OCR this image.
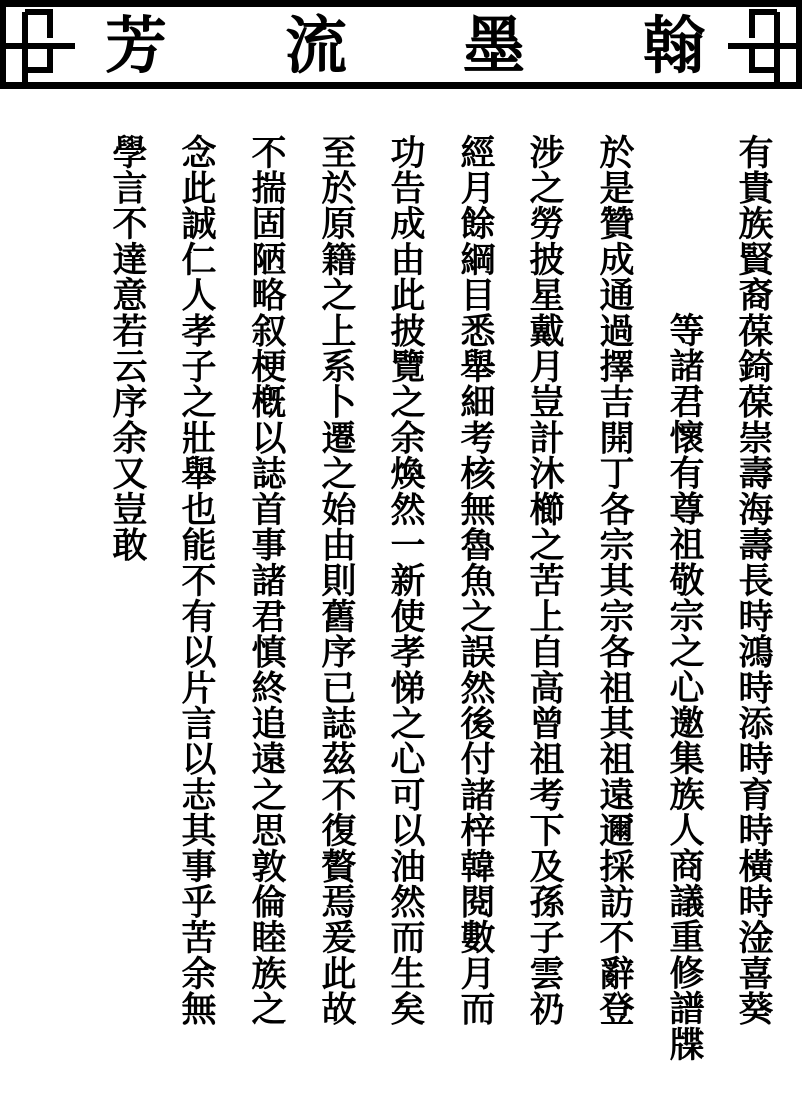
芳 流 墨 翰
有貴族賢裔葆錡葆崇壽海壽長時鴻時添時育時橫時淦喜葵
等諸君懷有尊祖敬宗之心邀集族人商議重修譜牒
於是贊成通過擇吉開丁各宗其宗各祖其祖遠邇採訪不辭登
涉之勞披星戴月豈計沐櫛之苦上自高曾祖考下及孫子雲礽
經月餘綱目悉舉細考核無魯魚之誤然後付諸梓韓閱數月而
功告成由此披覽之余煥然一新使孝悌之心可以油然而生矣
至於原籍之上系卜遷之始由則舊序已誌茲不復贅焉爰此故
不揣固陋略叙梗槪以誌首事諸君慎終追遠之思敦倫睦族之
念此誠仁人孝子之壯舉也能不有以片言以志其事乎苦余無
學言不達意若云序余又豈敢
